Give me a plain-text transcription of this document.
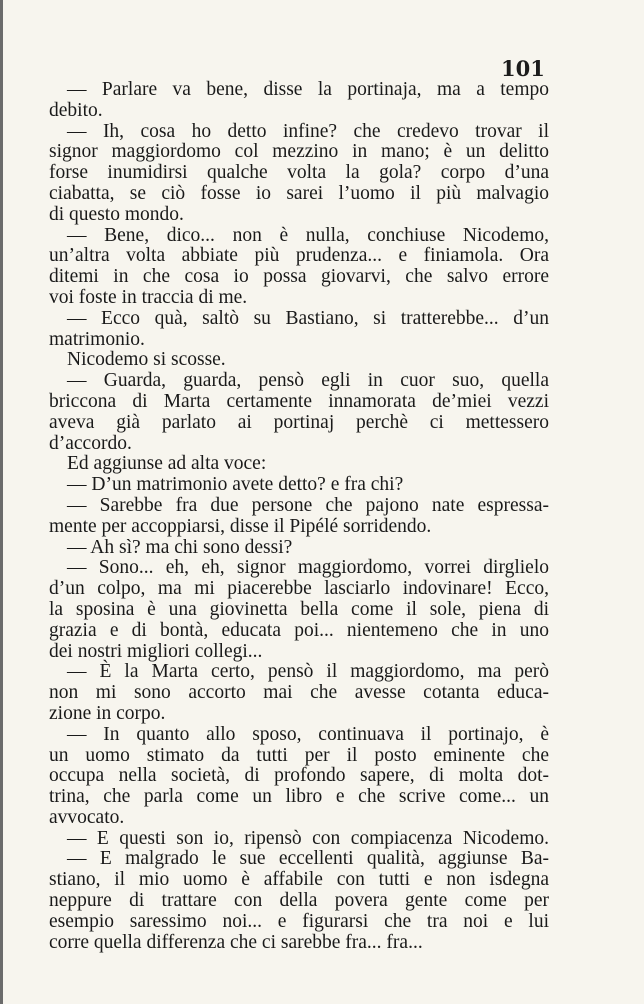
101
— Parlare va bene, disse la portinaja, ma a tempo
debito.
— Ih, cosa ho detto infine? che credevo trovar il
signor maggiordomo col mezzino in mano; è un delitto
forse inumidirsi qualche volta la gola? corpo d’una
ciabatta, se ciò fosse io sarei l’uomo il più malvagio
di questo mondo.
— Bene, dico... non è nulla, conchiuse Nicodemo,
un’altra volta abbiate più prudenza... e finiamola. Ora
ditemi in che cosa io possa giovarvi, che salvo errore
voi foste in traccia di me.
— Ecco quà, saltò su Bastiano, si tratterebbe... d’un
matrimonio.
Nicodemo si scosse.
— Guarda, guarda, pensò egli in cuor suo, quella
briccona di Marta certamente innamorata de’miei vezzi
aveva già parlato ai portinaj perchè ci mettessero
d’accordo.
Ed aggiunse ad alta voce:
— D’un matrimonio avete detto? e fra chi?
— Sarebbe fra due persone che pajono nate espressa-
mente per accoppiarsi, disse il Pipélé sorridendo.
— Ah sì? ma chi sono dessi?
— Sono... eh, eh, signor maggiordomo, vorrei dirglielo
d’un colpo, ma mi piacerebbe lasciarlo indovinare! Ecco,
la sposina è una giovinetta bella come il sole, piena di
grazia e di bontà, educata poi... nientemeno che in uno
dei nostri migliori collegi...
— È la Marta certo, pensò il maggiordomo, ma però
non mi sono accorto mai che avesse cotanta educa-
zione in corpo.
— In quanto allo sposo, continuava il portinajo, è
un uomo stimato da tutti per il posto eminente che
occupa nella società, di profondo sapere, di molta dot-
trina, che parla come un libro e che scrive come... un
avvocato.
— E questi son io, ripensò con compiacenza Nicodemo.
— E malgrado le sue eccellenti qualità, aggiunse Ba-
stiano, il mio uomo è affabile con tutti e non isdegna
neppure di trattare con della povera gente come per
esempio saressimo noi... e figurarsi che tra noi e lui
corre quella differenza che ci sarebbe fra... fra...
